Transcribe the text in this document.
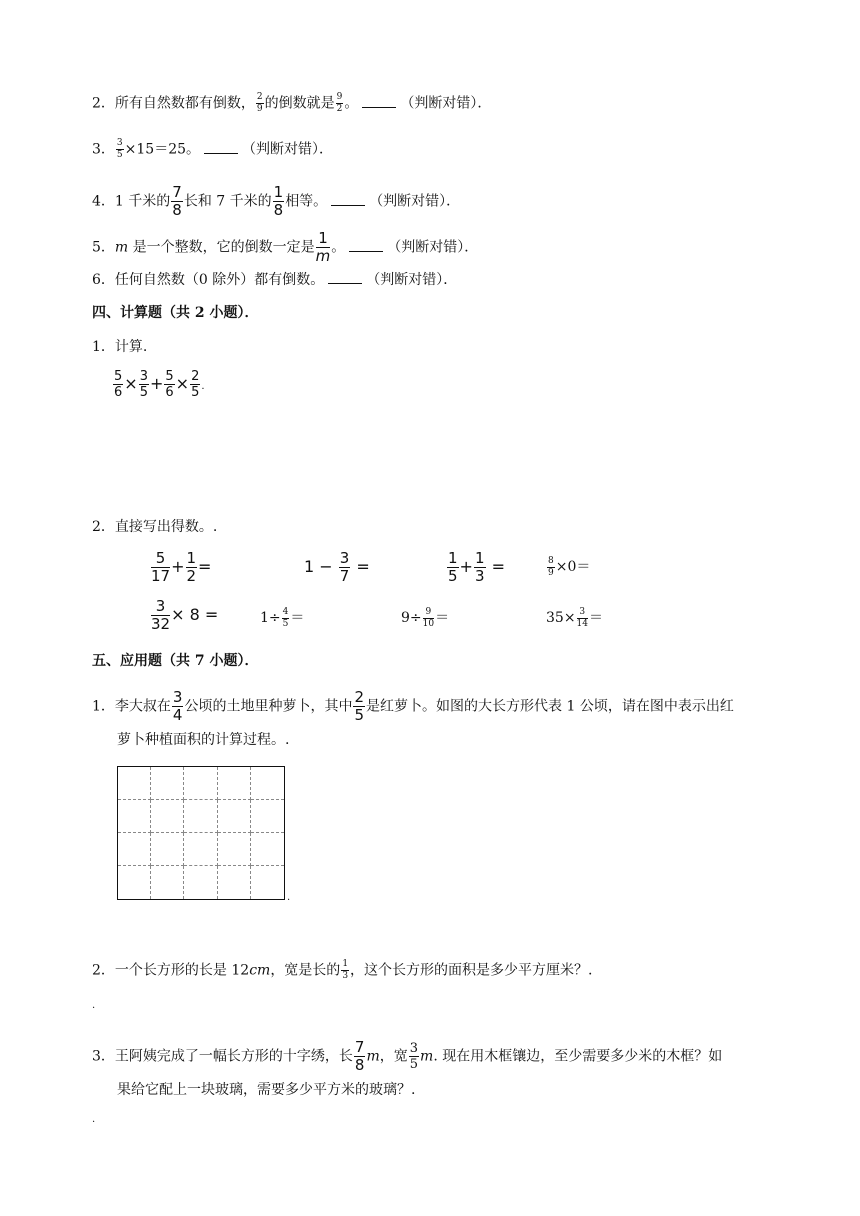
2．所有自然数都有倒数， $\frac{2}{9}$ 的倒数就是 $\frac{9}{2}$ 。	（判断对错）．
3． $\frac{3}{5} \times 15=25$。	（判断对错）．
4．1 千米的 $\frac{7}{8}$ 长和 7 千米的 $\frac{1}{8}$ 相等。	（判断对错）．
5．m 是一个整数，它的倒数一定是 $\frac{1}{m}$ 。	（判断对错）．
6．任何自然数（0 除外）都有倒数。	（判断对错）．
四、计算题（共 2 小题）．
1．计算.
$\frac{5}{6} \times \frac{3}{5} + \frac{5}{6} \times \frac{2}{5}$ .
2．直接写出得数。.
$\frac{5}{17} + \frac{1}{2}$ =	$1 - \frac{3}{7}$ =	$\frac{1}{5} + \frac{1}{3}$ =	$\frac{8}{9} \times 0=$
$\frac{3}{32} \times 8$ =	$1\div \frac{4}{5}$ ＝	$9\div \frac{9}{10}$ ＝	$35\times \frac{3}{14}$ ＝
五、应用题（共 7 小题）．
1．李大叔在 $\frac{3}{4}$ 公顷的土地里种萝卜，其中 $\frac{2}{5}$ 是红萝卜。如图的大长方形代表 1 公顷，请在图中表示出红
萝卜种植面积的计算过程。.
.
2．一个长方形的长是 12cm，宽是长的 $\frac{1}{3}$ ，这个长方形的面积是多少平方厘米？.
.
3．王阿姨完成了一幅长方形的十字绣，长 $\frac{7}{8}$ m，宽 $\frac{3}{5} m$. 现在用木框镶边，至少需要多少米的木框？如
果给它配上一块玻璃，需要多少平方米的玻璃？.
.
